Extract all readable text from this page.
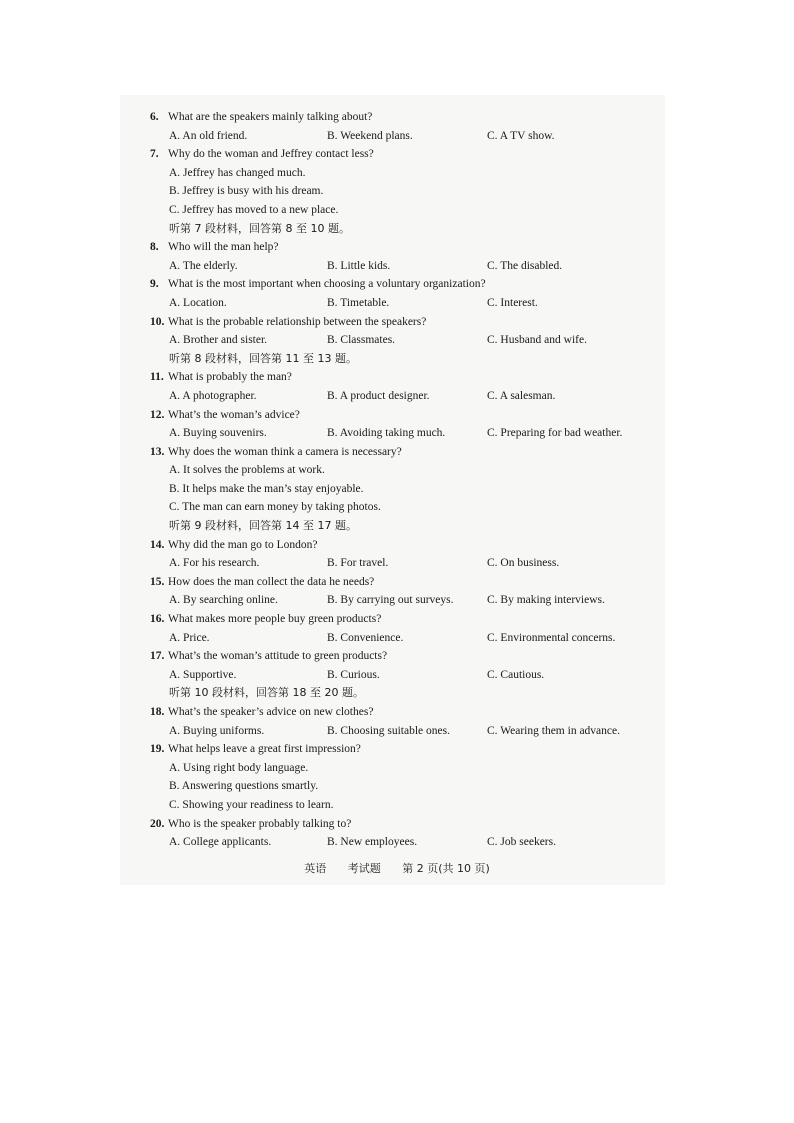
6. What are the speakers mainly talking about?
A. An old friend.	B. Weekend plans.	C. A TV show.
7. Why do the woman and Jeffrey contact less?
A. Jeffrey has changed much.
B. Jeffrey is busy with his dream.
C. Jeffrey has moved to a new place.
听第 7 段材料，回答第 8 至 10 题。
8. Who will the man help?
A. The elderly.	B. Little kids.	C. The disabled.
9. What is the most important when choosing a voluntary organization?
A. Location.	B. Timetable.	C. Interest.
10. What is the probable relationship between the speakers?
A. Brother and sister.	B. Classmates.	C. Husband and wife.
听第 8 段材料，回答第 11 至 13 题。
11. What is probably the man?
A. A photographer.	B. A product designer.	C. A salesman.
12. What’s the woman’s advice?
A. Buying souvenirs.	B. Avoiding taking much.	C. Preparing for bad weather.
13. Why does the woman think a camera is necessary?
A. It solves the problems at work.
B. It helps make the man’s stay enjoyable.
C. The man can earn money by taking photos.
听第 9 段材料，回答第 14 至 17 题。
14. Why did the man go to London?
A. For his research.	B. For travel.	C. On business.
15. How does the man collect the data he needs?
A. By searching online.	B. By carrying out surveys.	C. By making interviews.
16. What makes more people buy green products?
A. Price.	B. Convenience.	C. Environmental concerns.
17. What’s the woman’s attitude to green products?
A. Supportive.	B. Curious.	C. Cautious.
听第 10 段材料，回答第 18 至 20 题。
18. What’s the speaker’s advice on new clothes?
A. Buying uniforms.	B. Choosing suitable ones.	C. Wearing them in advance.
19. What helps leave a great first impression?
A. Using right body language.
B. Answering questions smartly.
C. Showing your readiness to learn.
20. Who is the speaker probably talking to?
A. College applicants.	B. New employees.	C. Job seekers.
英语 考试题 第 2 页(共 10 页)
